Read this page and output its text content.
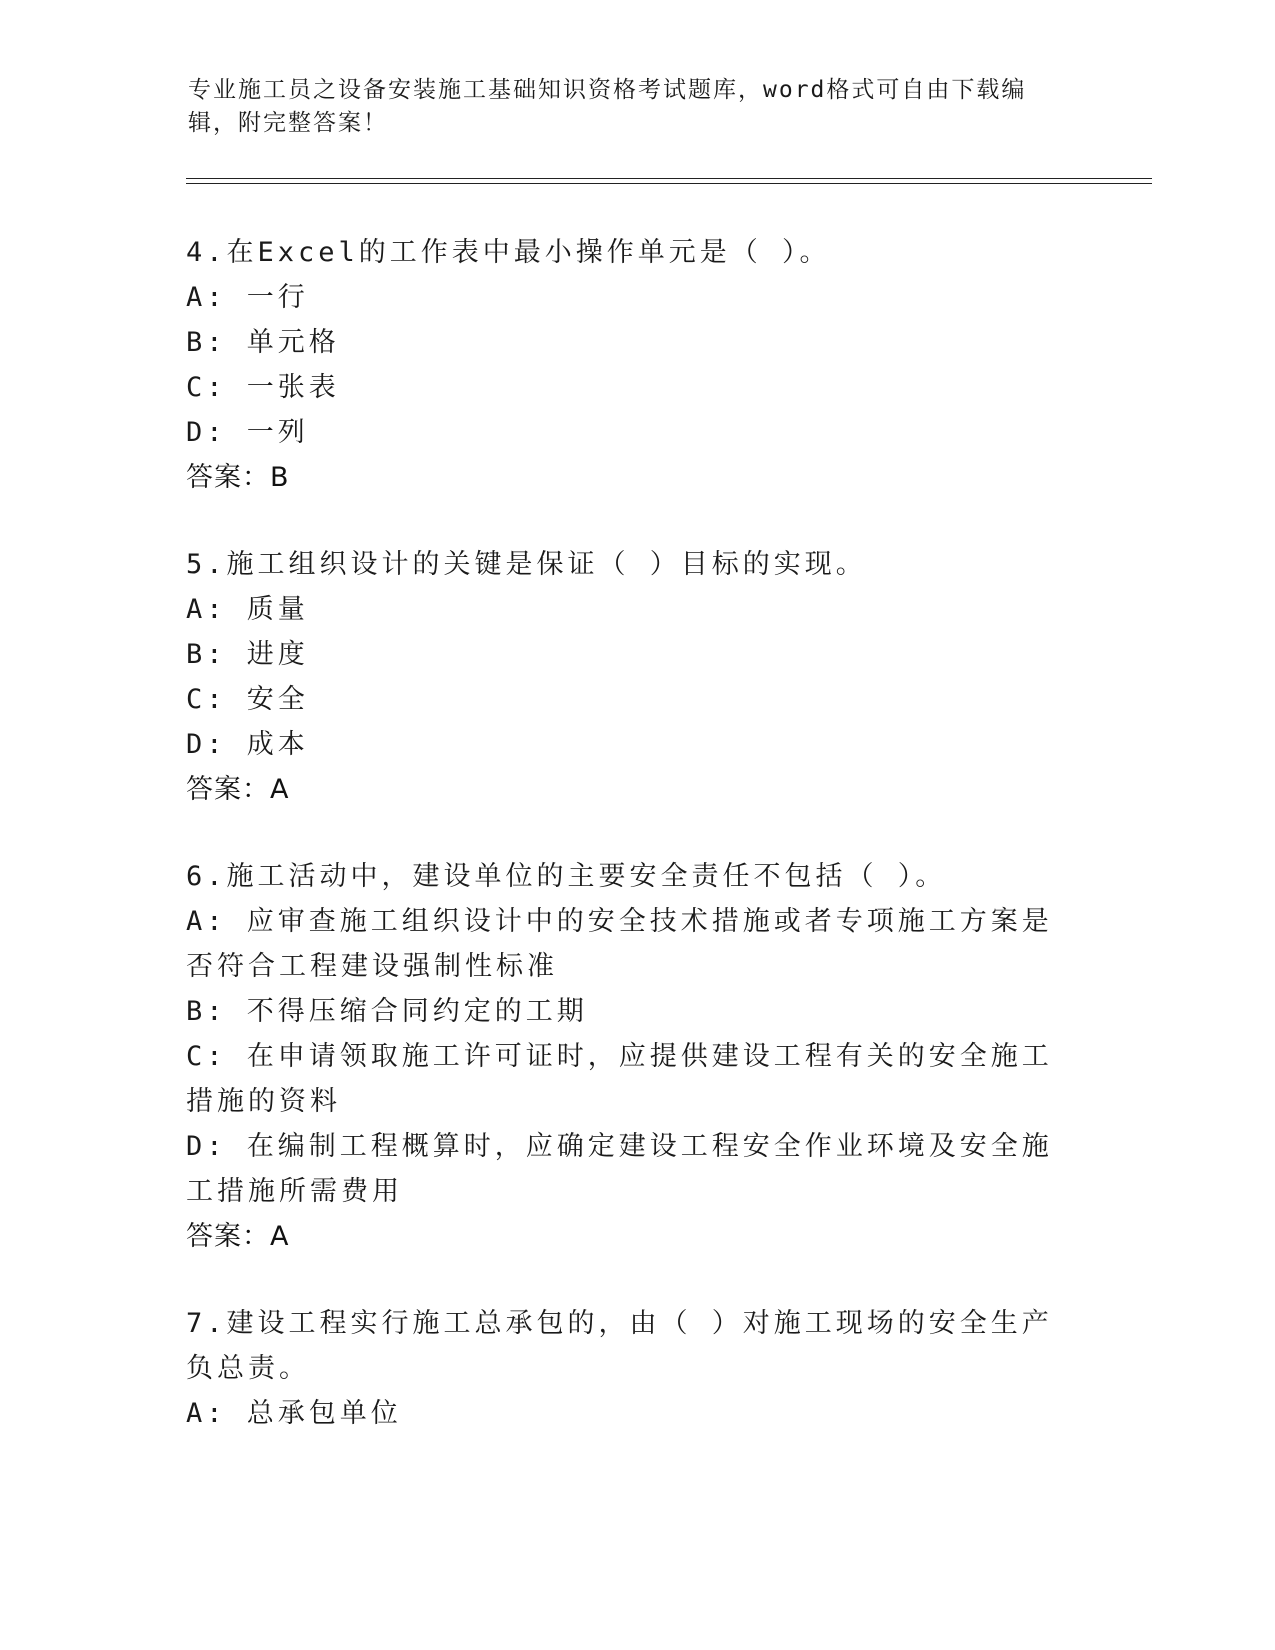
专业施工员之设备安装施工基础知识资格考试题库，word格式可自由下载编辑，附完整答案！
4.在Excel的工作表中最小操作单元是（ ）。
A: 一行
B: 单元格
C: 一张表
D: 一列
答案：B
5.施工组织设计的关键是保证（ ）目标的实现。
A: 质量
B: 进度
C: 安全
D: 成本
答案：A
6.施工活动中，建设单位的主要安全责任不包括（ ）。
A: 应审查施工组织设计中的安全技术措施或者专项施工方案是否符合工程建设强制性标准
B: 不得压缩合同约定的工期
C: 在申请领取施工许可证时，应提供建设工程有关的安全施工措施的资料
D: 在编制工程概算时，应确定建设工程安全作业环境及安全施工措施所需费用
答案：A
7.建设工程实行施工总承包的，由（ ）对施工现场的安全生产负总责。
A: 总承包单位
